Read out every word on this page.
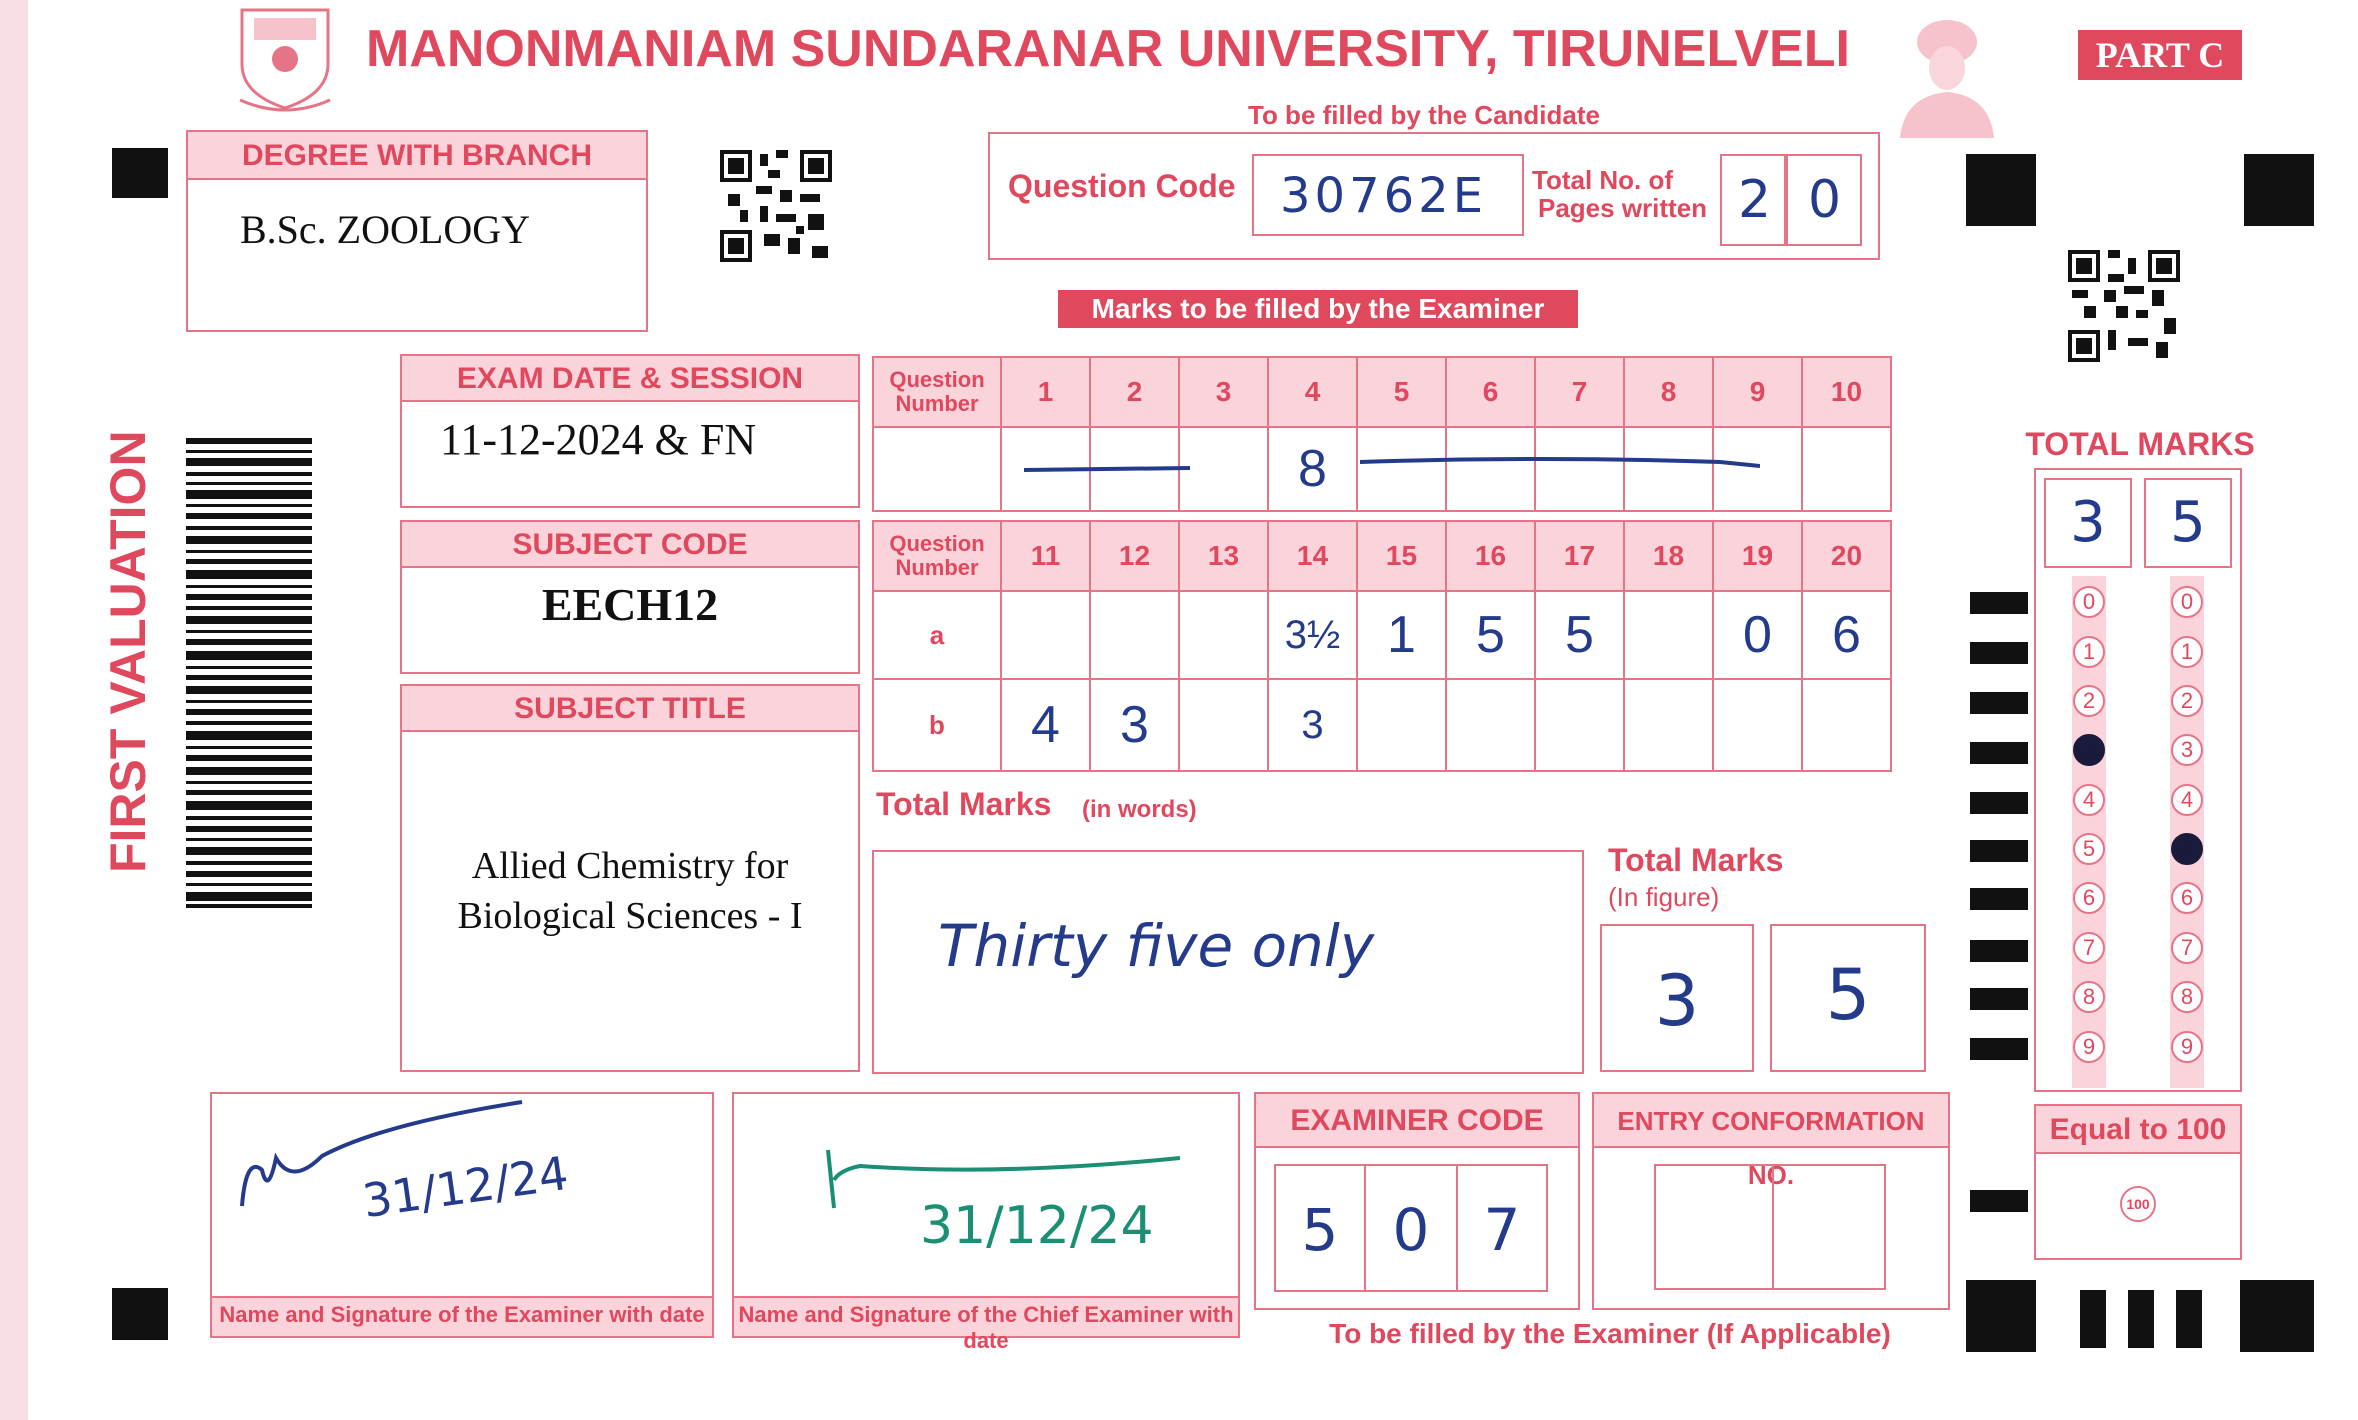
MANONMANIAM SUNDARANAR UNIVERSITY, TIRUNELVELI	PART C
To be filled by the Candidate
DEGREE WITH BRANCH
B.Sc. ZOOLOGY
Question Code 30762E Total No. of
Pages written 2 0
Marks to be filled by the Examiner
FIRST VALUATION
EXAM DATE & SESSION
11-12-2024 & FN
SUBJECT CODE
EECH12
SUBJECT TITLE
Allied Chemistry for
Biological Sciences - I
Question Number	1	2	3	4	5	6	7	8	9	10
				8						
Question Number	11	12	13	14	15	16	17	18	19	20
a				3½	1	5	5		0	6
b	4	3		3						
Total Marks (in words)
Thirty five only
Total Marks
(In figure)
3	5
TOTAL MARKS
3	5
0
1
2
3
4
5
6
7
8
9
0
1
2
3
4
5
6
7
8
9
Equal to 100
100
Name and Signature of the Examiner with date
31/12/24
Name and Signature of the Chief Examiner with date
31/12/24
EXAMINER CODE
5 0 7
ENTRY CONFORMATION NO.
To be filled by the Examiner (If Applicable)
